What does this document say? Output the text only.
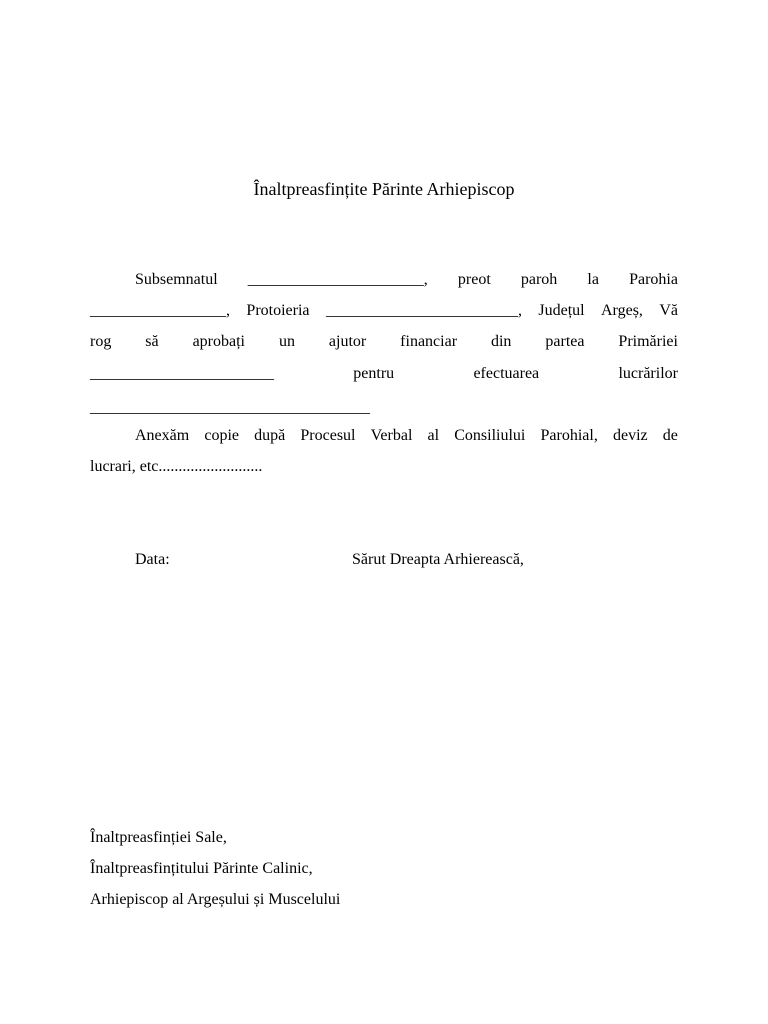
Înaltpreasfințite Părinte Arhiepiscop
Subsemnatul ______________________, preot paroh la Parohia
_________________, Protoieria ________________________, Județul Argeș, Vă
rog să aprobați un ajutor financiar din partea Primăriei
_______________________	pentru	efectuarea	lucrărilor
___________________________________
Anexăm copie după Procesul Verbal al Consiliului Parohial, deviz de
lucrari, etc..........................
Data:	Sărut Dreapta Arhierească,
Înaltpreasfinției Sale,
Înaltpreasfințitului Părinte Calinic,
Arhiepiscop al Argeșului și Muscelului
